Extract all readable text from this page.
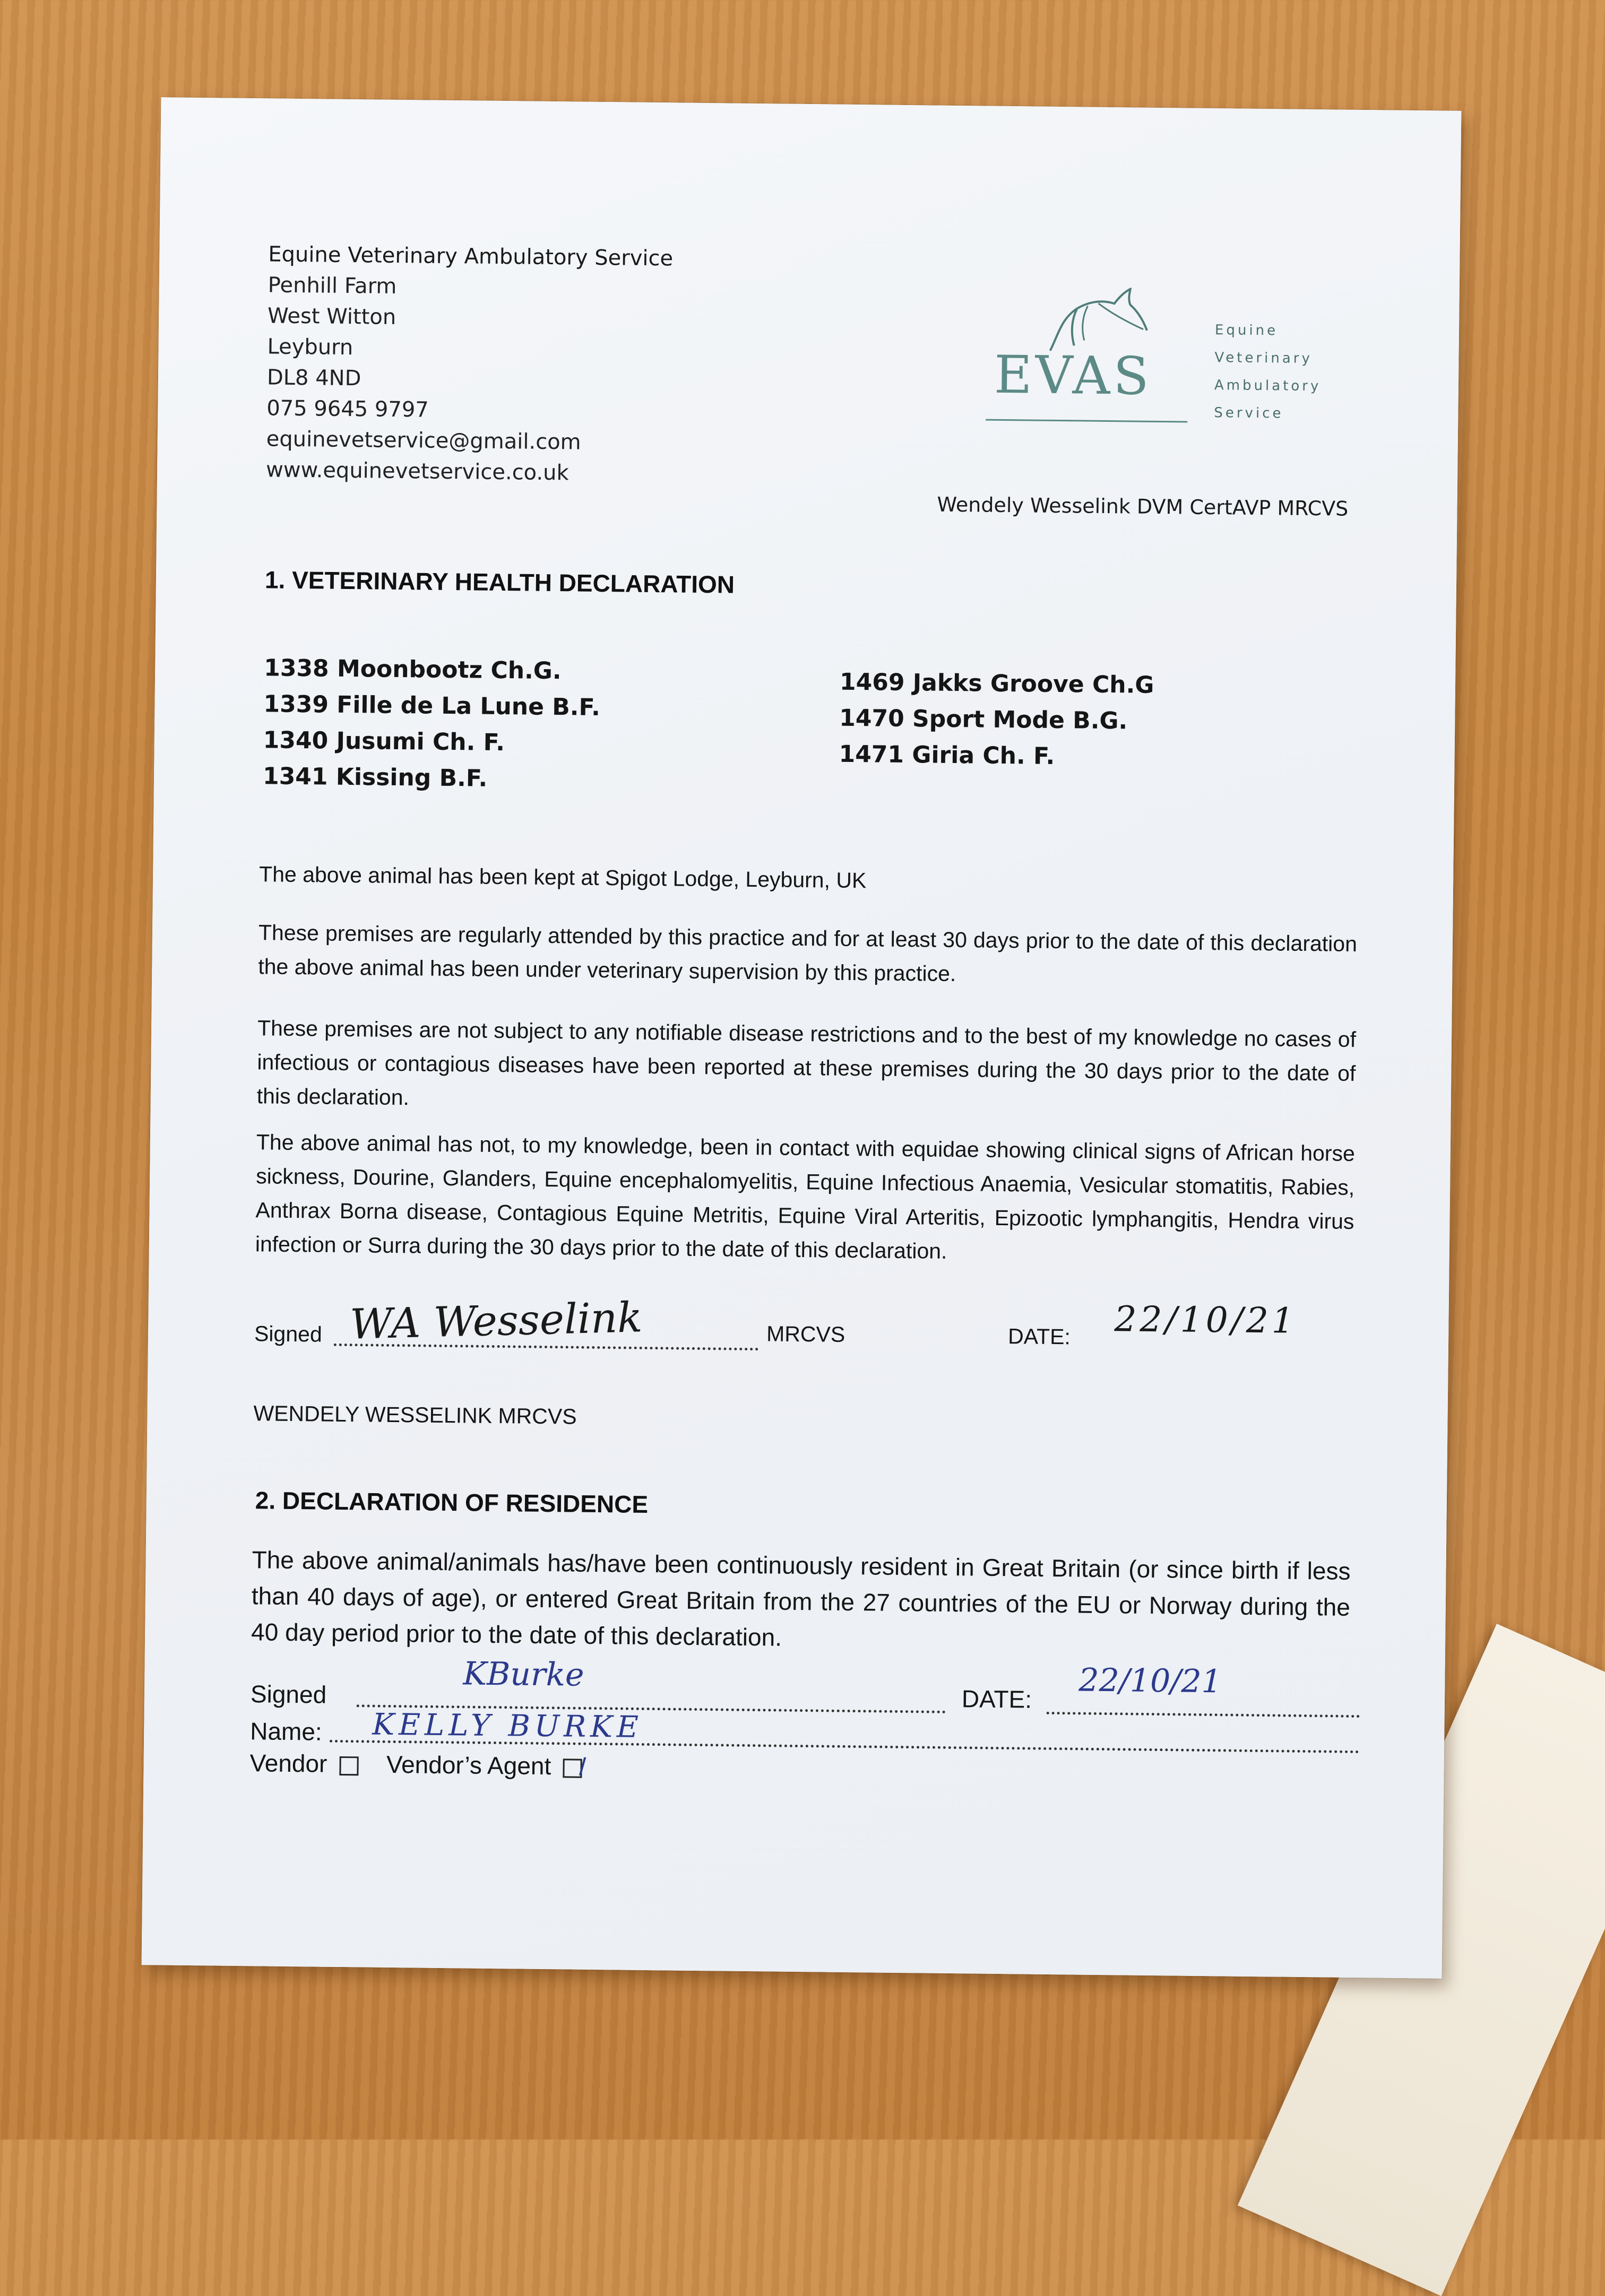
Equine Veterinary Ambulatory Service
Penhill Farm
West Witton
Leyburn
DL8 4ND
075 9645 9797
equinevetservice@gmail.com
www.equinevetservice.co.uk
EVAS
Equine
Veterinary
Ambulatory
Service
Wendely Wesselink DVM CertAVP MRCVS
1. VETERINARY HEALTH DECLARATION
1338 Moonbootz Ch.G.
1339 Fille de La Lune B.F.
1340 Jusumi Ch. F.
1341 Kissing B.F.
1469 Jakks Groove Ch.G
1470 Sport Mode B.G.
1471 Giria Ch. F.
The above animal has been kept at Spigot Lodge, Leyburn, UK
These premises are regularly attended by this practice and for at least 30 days prior to the date of this declaration the above animal has been under veterinary supervision by this practice.
These premises are not subject to any notifiable disease restrictions and to the best of my knowledge no cases of infectious or contagious diseases have been reported at these premises during the 30 days prior to the date of this declaration.
The above animal has not, to my knowledge, been in contact with equidae showing clinical signs of African horse sickness, Dourine, Glanders, Equine encephalomyelitis, Equine Infectious Anaemia, Vesicular stomatitis, Rabies, Anthrax Borna disease, Contagious Equine Metritis, Equine Viral Arteritis, Epizootic lymphangitis, Hendra virus infection or Surra during the 30 days prior to the date of this declaration.
Signed WA Wesselink	MRCVS	DATE: 22/10/21
WENDELY WESSELINK MRCVS
2. DECLARATION OF RESIDENCE
The above animal/animals has/have been continuously resident in Great Britain (or since birth if less than 40 days of age), or entered Great Britain from the 27 countries of the EU or Norway during the 40 day period prior to the date of this declaration.
Signed
KBurke
DATE: 22/10/21
Name: KELLY BURKE
Vendor Vendor’s Agent
